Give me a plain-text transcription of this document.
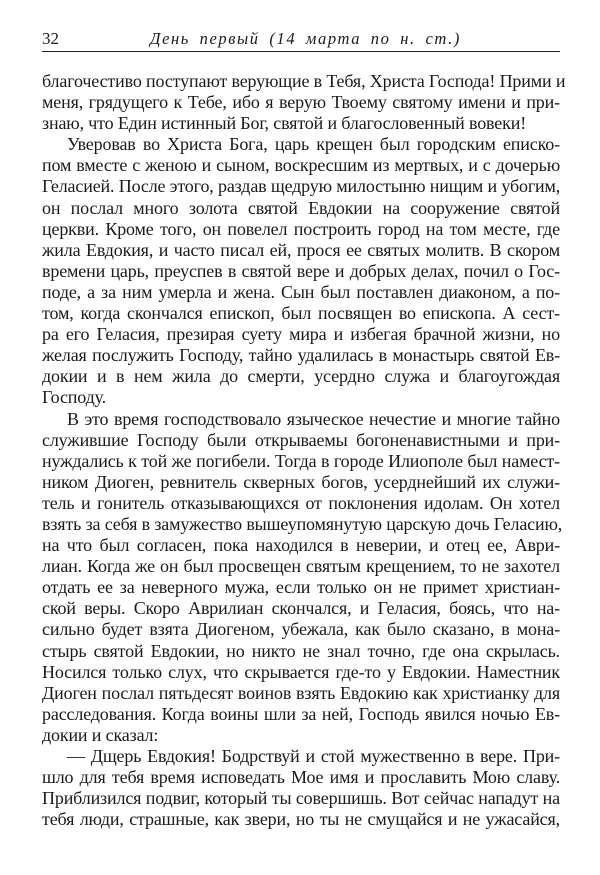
32	День первый (14 марта по н. ст.)
благочестиво поступают верующие в Тебя, Христа Господа! Прими и
меня, грядущего к Тебе, ибо я верую Твоему святому имени и при-
знаю, что Един истинный Бог, святой и благословенный вовеки!
Уверовав во Христа Бога, царь крещен был городским еписко-
пом вместе с женою и сыном, воскресшим из мертвых, и с дочерью
Геласией. После этого, раздав щедрую милостыню нищим и убогим,
он послал много золота святой Евдокии на сооружение святой
церкви. Кроме того, он повелел построить город на том месте, где
жила Евдокия, и часто писал ей, прося ее святых молитв. В скором
времени царь, преуспев в святой вере и добрых делах, почил о Гос-
поде, а за ним умерла и жена. Сын был поставлен диаконом, а по-
том, когда скончался епископ, был посвящен во епископа. А сест-
ра его Геласия, презирая суету мира и избегая брачной жизни, но
желая послужить Господу, тайно удалилась в монастырь святой Ев-
докии и в нем жила до смерти, усердно служа и благоугождая
Господу.
В это время господствовало языческое нечестие и многие тайно
служившие Господу были открываемы богоненавистными и при-
нуждались к той же погибели. Тогда в городе Илиополе был намест-
ником Диоген, ревнитель скверных богов, усерднейший их служи-
тель и гонитель отказывающихся от поклонения идолам. Он хотел
взять за себя в замужество вышеупомянутую царскую дочь Геласию,
на что был согласен, пока находился в неверии, и отец ее, Аври-
лиан. Когда же он был просвещен святым крещением, то не захотел
отдать ее за неверного мужа, если только он не примет христиан-
ской веры. Скоро Аврилиан скончался, и Геласия, боясь, что на-
сильно будет взята Диогеном, убежала, как было сказано, в мона-
стырь святой Евдокии, но никто не знал точно, где она скрылась.
Носился только слух, что скрывается где-то у Евдокии. Наместник
Диоген послал пятьдесят воинов взять Евдокию как христианку для
расследования. Когда воины шли за ней, Господь явился ночью Ев-
докии и сказал:
— Дщерь Евдокия! Бодрствуй и стой мужественно в вере. При-
шло для тебя время исповедать Мое имя и прославить Мою славу.
Приблизился подвиг, который ты совершишь. Вот сейчас нападут на
тебя люди, страшные, как звери, но ты не смущайся и не ужасайся,
